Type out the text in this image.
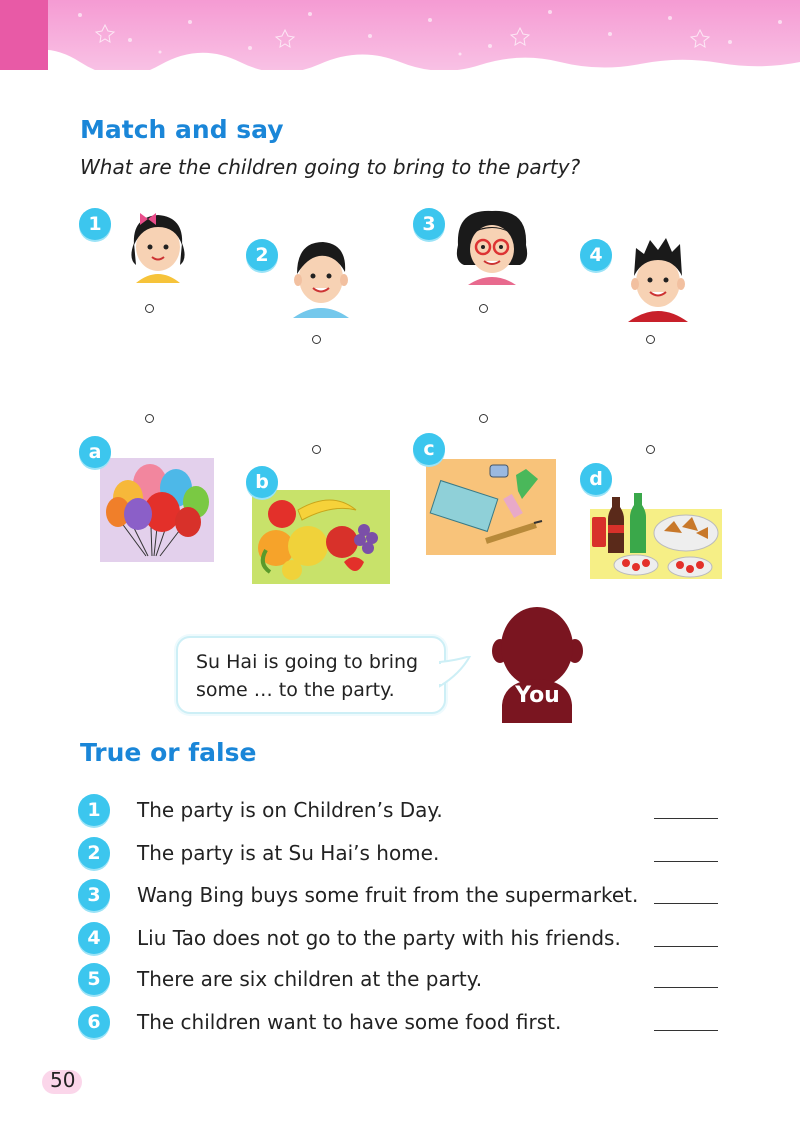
Match and say

What are the children going to bring to the party?

1
2
3
4
a
b
c
d
Su Hai is going to bring
some … to the party.	You
True or false
1	The party is on Children’s Day.
2	The party is at Su Hai’s home.
3	Wang Bing buys some fruit from the supermarket.
4	Liu Tao does not go to the party with his friends.
5	There are six children at the party.
6	The children want to have some food first.
50
